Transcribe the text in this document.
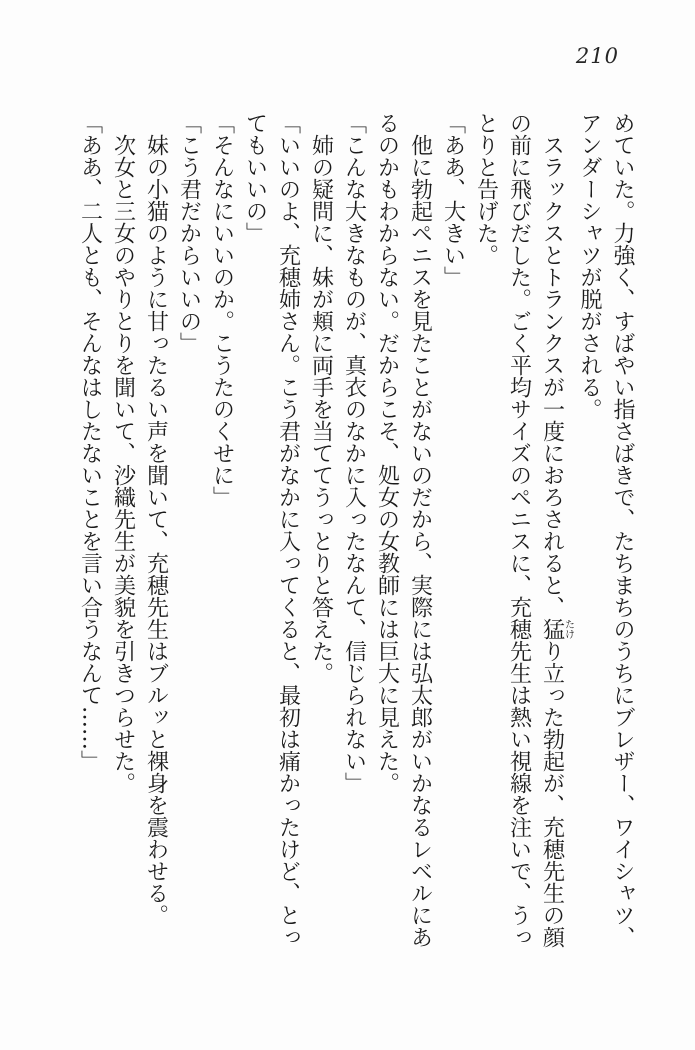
210

めていた。力強く、すばやい指さばきで、たちまちのうちにブレザー、ワイシャツ、アンダーシャツが脱がされる。

スラックスとトランクスが一度におろされると、猛たけり立った勃起が、充穂先生の顔の前に飛びだした。ごく平均サイズのペニスに、充穂先生は熱い視線を注いで、うっとりと告げた。

「ああ、大きい」

他に勃起ペニスを見たことがないのだから、実際には弘太郎がいかなるレベルにあるのかもわからない。だからこそ、処女の女教師には巨大に見えた。

「こんな大きなものが、真衣のなかに入ったなんて、信じられない」

姉の疑問に、妹が頬に両手を当ててうっとりと答えた。

「いいのよ、充穂姉さん。こう君がなかに入ってくると、最初は痛かったけど、とってもいいの」

「そんなにいいのか。こうたのくせに」

「こう君だからいいの」

妹の小猫のように甘ったるい声を聞いて、充穂先生はブルッと裸身を震わせる。

次女と三女のやりとりを聞いて、沙織先生が美貌を引きつらせた。

「ああ、二人とも、そんなはしたないことを言い合うなんて……」
